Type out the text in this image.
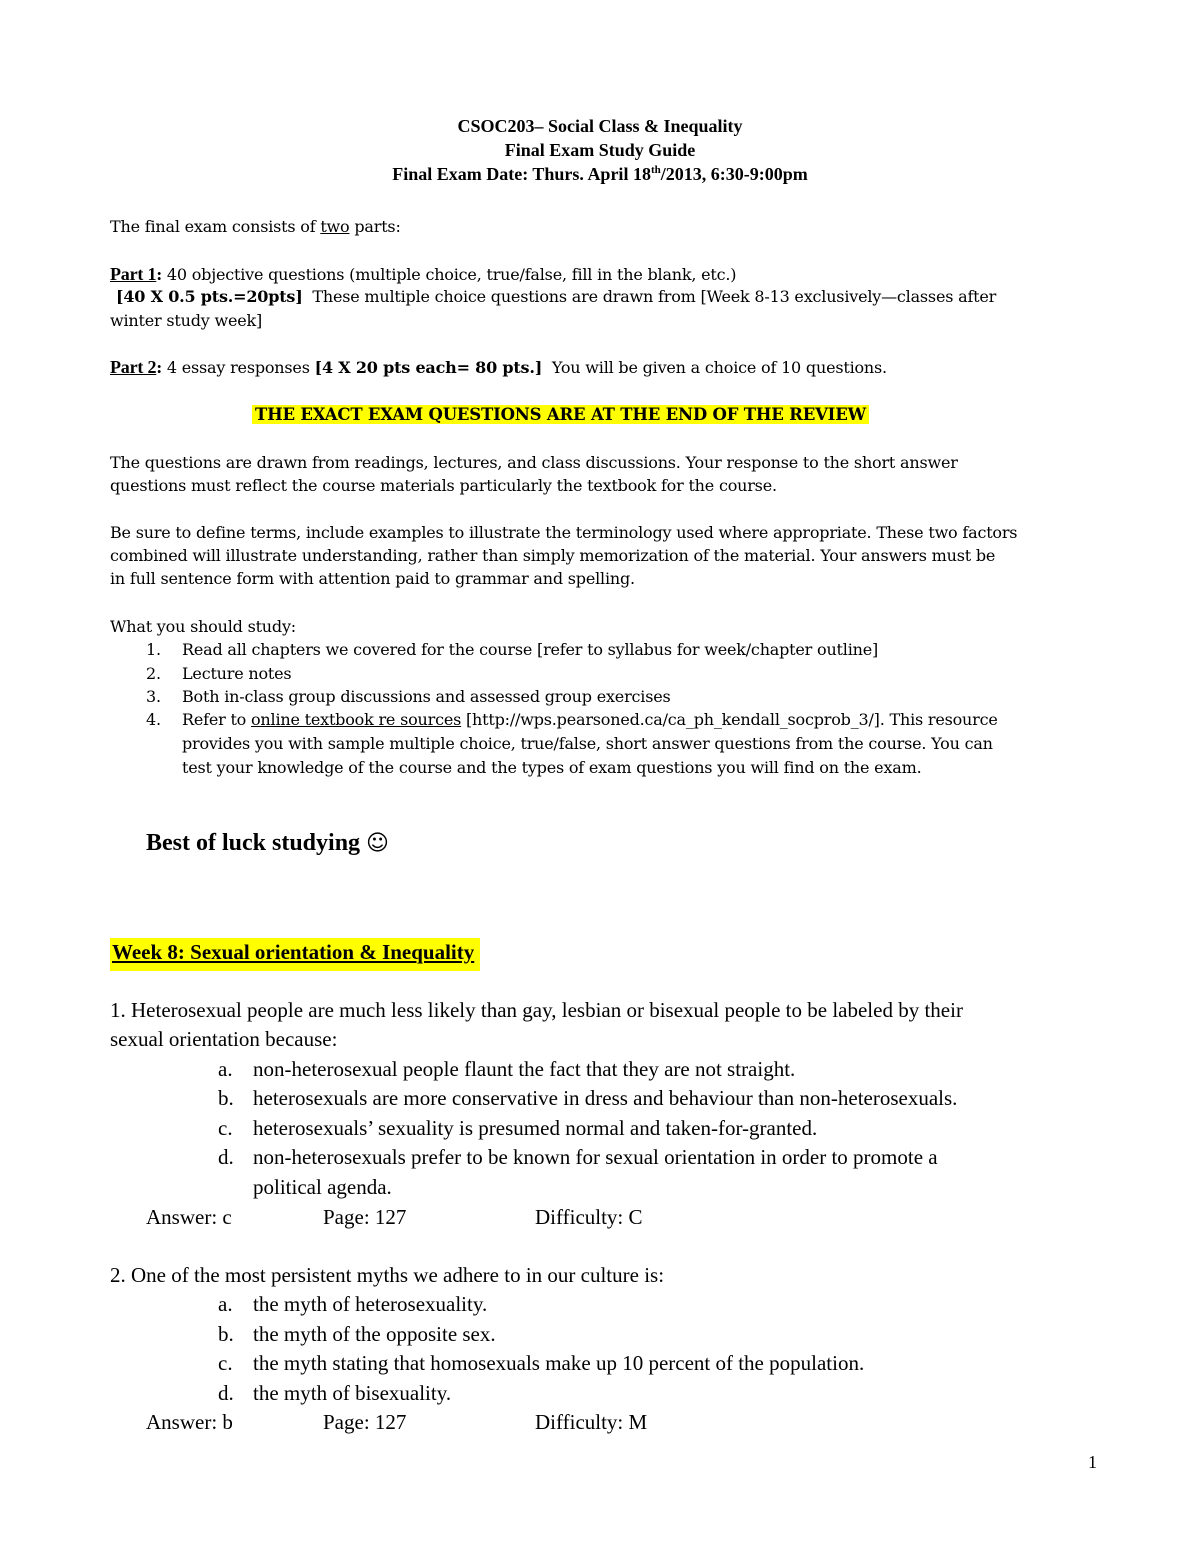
CSOC203– Social Class & Inequality
Final Exam Study Guide
Final Exam Date: Thurs. April 18th/2013, 6:30-9:00pm
The final exam consists of two parts:
Part 1: 40 objective questions (multiple choice, true/false, fill in the blank, etc.)
[40 X 0.5 pts.=20pts] These multiple choice questions are drawn from [Week 8-13 exclusively—classes after
winter study week]
Part 2: 4 essay responses [4 X 20 pts each= 80 pts.] You will be given a choice of 10 questions.
THE EXACT EXAM QUESTIONS ARE AT THE END OF THE REVIEW
The questions are drawn from readings, lectures, and class discussions. Your response to the short answer
questions must reflect the course materials particularly the textbook for the course.
Be sure to define terms, include examples to illustrate the terminology used where appropriate. These two factors
combined will illustrate understanding, rather than simply memorization of the material. Your answers must be
in full sentence form with attention paid to grammar and spelling.
What you should study:
1. Read all chapters we covered for the course [refer to syllabus for week/chapter outline]
2. Lecture notes
3. Both in-class group discussions and assessed group exercises
4. Refer to online textbook re sources [http://wps.pearsoned.ca/ca_ph_kendall_socprob_3/]. This resource
provides you with sample multiple choice, true/false, short answer questions from the course. You can
test your knowledge of the course and the types of exam questions you will find on the exam.
Best of luck studying ☺
Week 8: Sexual orientation & Inequality
1. Heterosexual people are much less likely than gay, lesbian or bisexual people to be labeled by their
sexual orientation because:
a. non-heterosexual people flaunt the fact that they are not straight.
b. heterosexuals are more conservative in dress and behaviour than non-heterosexuals.
c. heterosexuals’ sexuality is presumed normal and taken-for-granted.
d. non-heterosexuals prefer to be known for sexual orientation in order to promote a
political agenda.
Answer: c	Page: 127	Difficulty: C
2. One of the most persistent myths we adhere to in our culture is:
a. the myth of heterosexuality.
b. the myth of the opposite sex.
c. the myth stating that homosexuals make up 10 percent of the population.
d. the myth of bisexuality.
Answer: b	Page: 127	Difficulty: M
1
